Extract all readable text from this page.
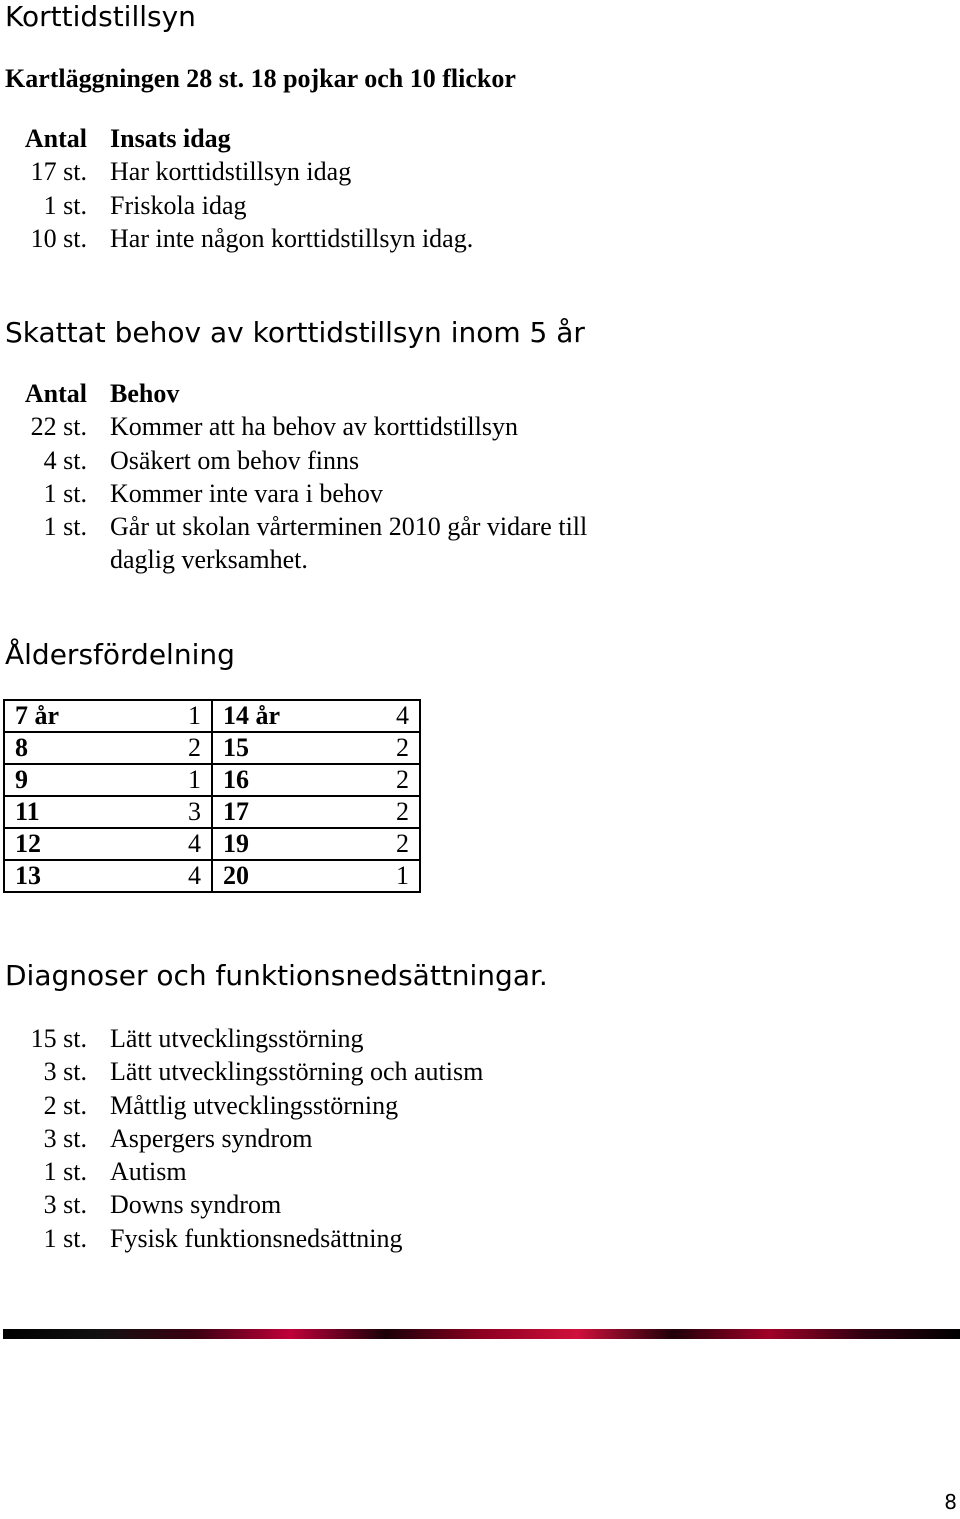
Korttidstillsyn

Kartläggningen 28 st. 18 pojkar och 10 flickor

Antal Insats idag
17 st. Har korttidstillsyn idag
1 st. Friskola idag
10 st. Har inte någon korttidstillsyn idag.
Skattat behov av korttidstillsyn inom 5 år
Antal Behov
22 st. Kommer att ha behov av korttidstillsyn
4 st. Osäkert om behov finns
1 st. Kommer inte vara i behov
1 st. Går ut skolan vårterminen 2010 går vidare till daglig verksamhet.
Åldersfördelning
7 år 1	14 år 4

8 2	15 2

9 1	16 2

11 3	17 2

12 4	19 2

13 4	20 1
Diagnoser och funktionsnedsättningar.
15 st. Lätt utvecklingsstörning
3 st. Lätt utvecklingsstörning och autism
2 st. Måttlig utvecklingsstörning
3 st. Aspergers syndrom
1 st. Autism
3 st. Downs syndrom
1 st. Fysisk funktionsnedsättning
8
